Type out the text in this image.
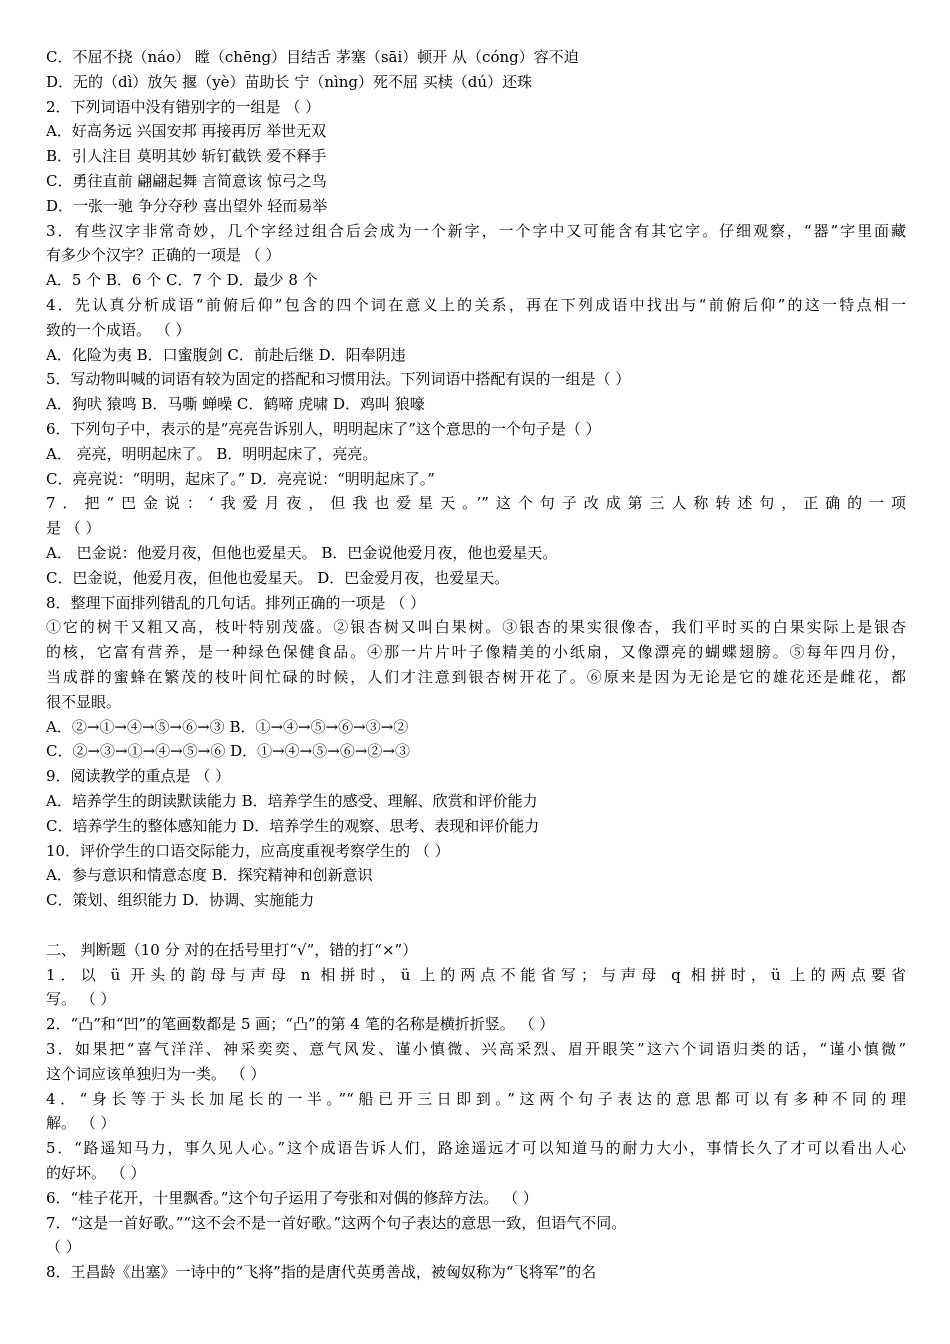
C．不屈不挠（náo） 瞠（chēng）目结舌 茅塞（sāi）顿开 从（cóng）容不迫
D．无的（dì）放矢 揠（yè）苗助长 宁（nìng）死不屈 买椟（dú）还珠
2．下列词语中没有错别字的一组是 （ ）
A．好高务远 兴国安邦 再接再厉 举世无双
B．引人注目 莫明其妙 斩钉截铁 爱不释手
C．勇往直前 翩翩起舞 言简意该 惊弓之鸟
D．一张一驰 争分夺秒 喜出望外 轻而易举
3．有些汉字非常奇妙，几个字经过组合后会成为一个新字，一个字中又可能含有其它字。仔细观察，“器”字里面藏
有多少个汉字？正确的一项是 （ ）
A．5 个 B．6 个 C．7 个 D．最少 8 个
4．先认真分析成语“前俯后仰”包含的四个词在意义上的关系，再在下列成语中找出与“前俯后仰”的这一特点相一
致的一个成语。 （ ）
A．化险为夷 B．口蜜腹剑 C．前赴后继 D．阳奉阴违
5．写动物叫喊的词语有较为固定的搭配和习惯用法。下列词语中搭配有误的一组是（ ）
A．狗吠 猿鸣 B．马嘶 蝉噪 C．鹤啼 虎啸 D．鸡叫 狼嚎
6．下列句子中，表示的是“亮亮告诉别人，明明起床了”这个意思的一个句子是（ ）
A． 亮亮，明明起床了。 B．明明起床了，亮亮。
C．亮亮说：“明明，起床了。” D．亮亮说：“明明起床了。”
7．把“巴金说：‘我爱月夜，但我也爱星天。’”这个句子改成第三人称转述句，正确的一项
是 （ ）
A． 巴金说：他爱月夜，但他也爱星天。 B．巴金说他爱月夜，他也爱星天。
C．巴金说，他爱月夜，但他也爱星天。 D．巴金爱月夜，也爱星天。
8．整理下面排列错乱的几句话。排列正确的一项是 （ ）
①它的树干又粗又高，枝叶特别茂盛。②银杏树又叫白果树。③银杏的果实很像杏，我们平时买的白果实际上是银杏
的核，它富有营养，是一种绿色保健食品。④那一片片叶子像精美的小纸扇，又像漂亮的蝴蝶翅膀。⑤每年四月份，
当成群的蜜蜂在繁茂的枝叶间忙碌的时候，人们才注意到银杏树开花了。⑥原来是因为无论是它的雄花还是雌花，都
很不显眼。
A．②→①→④→⑤→⑥→③ B．①→④→⑤→⑥→③→②
C．②→③→①→④→⑤→⑥ D．①→④→⑤→⑥→②→③
9．阅读教学的重点是 （ ）
A．培养学生的朗读默读能力 B．培养学生的感受、理解、欣赏和评价能力
C．培养学生的整体感知能力 D．培养学生的观察、思考、表现和评价能力
10．评价学生的口语交际能力，应高度重视考察学生的 （ ）
A．参与意识和情意态度 B．探究精神和创新意识
C．策划、组织能力 D．协调、实施能力
二、 判断题（10 分 对的在括号里打“√”，错的打“×”）
1．以 ü 开头的韵母与声母 n 相拼时，ü 上的两点不能省写；与声母 q 相拼时，ü 上的两点要省
写。 （ ）
2．“凸”和“凹”的笔画数都是 5 画；“凸”的第 4 笔的名称是横折折竖。 （ ）
3．如果把“喜气洋洋、神采奕奕、意气风发、谨小慎微、兴高采烈、眉开眼笑”这六个词语归类的话，“谨小慎微”
这个词应该单独归为一类。 （ ）
4．“身长等于头长加尾长的一半。”“船已开三日即到。”这两个句子表达的意思都可以有多种不同的理
解。 （ ）
5．“路遥知马力，事久见人心。”这个成语告诉人们，路途遥远才可以知道马的耐力大小，事情长久了才可以看出人心
的好坏。 （ ）
6．“桂子花开，十里飘香。”这个句子运用了夸张和对偶的修辞方法。 （ ）
7．“这是一首好歌。”“这不会不是一首好歌。”这两个句子表达的意思一致，但语气不同。
（ ）
8．王昌龄《出塞》一诗中的“飞将”指的是唐代英勇善战，被匈奴称为“飞将军”的名
